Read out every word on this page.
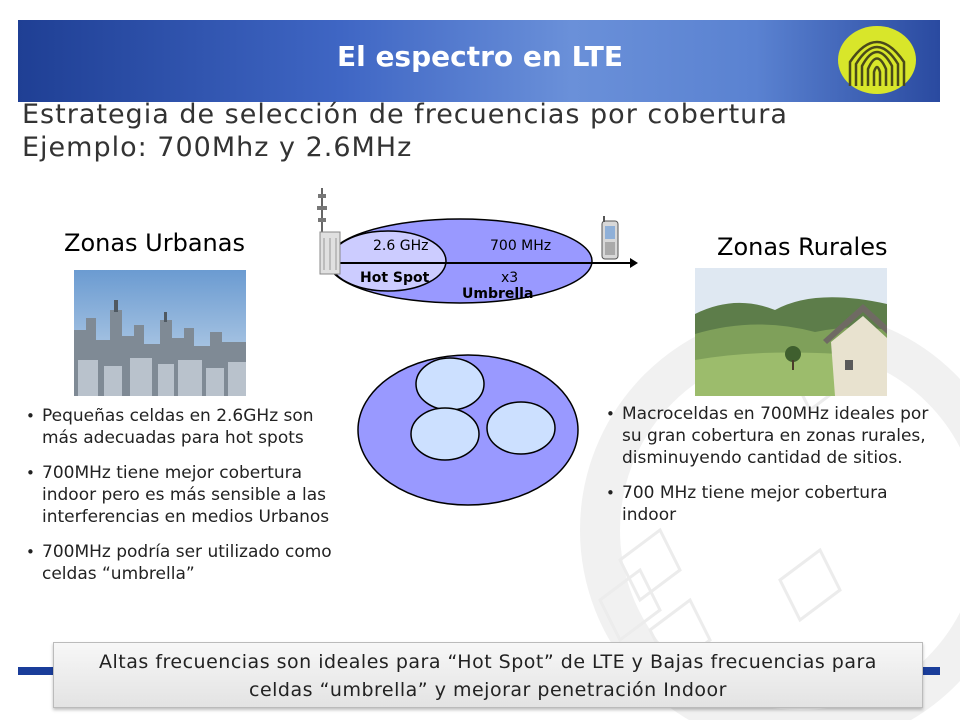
El espectro en LTE
Estrategia de selección de frecuencias por cobertura
Ejemplo: 700Mhz y 2.6MHz
Zonas Urbanas
• Pequeñas celdas en 2.6GHz son más adecuadas para hot spots
• 700MHz tiene mejor cobertura indoor pero es más sensible a las interferencias en medios Urbanos
• 700MHz podría ser utilizado como celdas “umbrella”
Zonas Rurales
• Macroceldas en 700MHz ideales por su gran cobertura en zonas rurales, disminuyendo cantidad de sitios.
• 700 MHz tiene mejor cobertura indoor
2.6 GHz	700 MHz
Hot Spot	x3
Umbrella
Altas frecuencias son ideales para “Hot Spot” de LTE y Bajas frecuencias para
celdas “umbrella” y mejorar penetración Indoor
